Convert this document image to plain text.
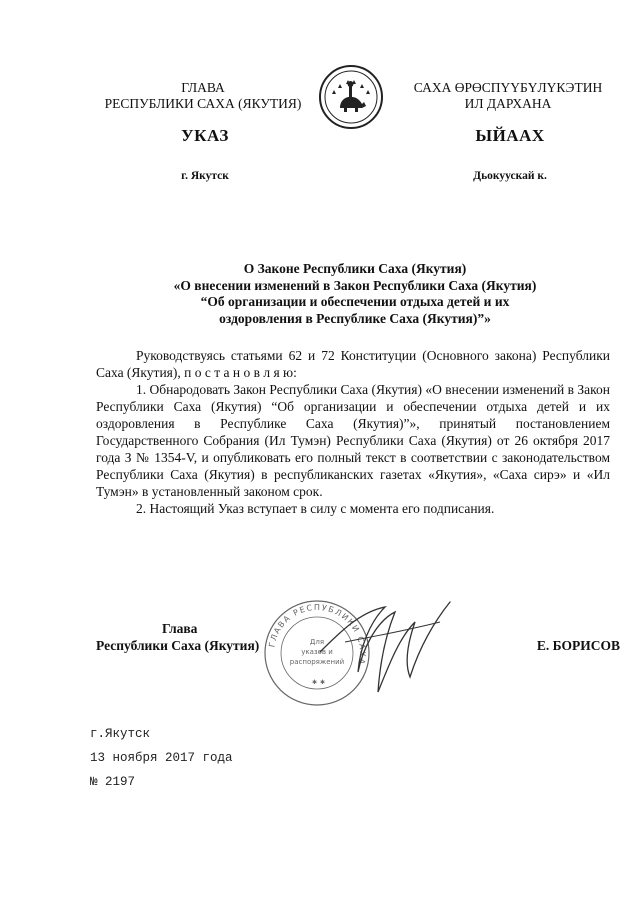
ГЛАВА
РЕСПУБЛИКИ САХА (ЯКУТИЯ)
САХА ӨРӨСПҮҮБҮЛҮКЭТИН
ИЛ ДАРХАНА
УКАЗ	ЫЙААХ
г. Якутск	Дьокуускай к.
О Законе Республики Саха (Якутия)
«О внесении изменений в Закон Республики Саха (Якутия)
“Об организации и обеспечении отдыха детей и их
оздоровления в Республике Саха (Якутия)”»

Руководствуясь статьями 62 и 72 Конституции (Основного закона) Республики Саха (Якутия), п о с т а н о в л я ю:

1. Обнародовать Закон Республики Саха (Якутия) «О внесении изменений в Закон Республики Саха (Якутия) “Об организации и обеспечении отдыха детей и их оздоровления в Республике Саха (Якутия)”», принятый постановлением Государственного Собрания (Ил Тумэн) Республики Саха (Якутия) от 26 октября 2017 года З № 1354-V, и опубликовать его полный текст в соответствии с законодательством Республики Саха (Якутия) в республиканских газетах «Якутия», «Саха сирэ» и «Ил Тумэн» в установленный законом срок.

2. Настоящий Указ вступает в силу с момента его подписания.

ГЛАВА РЕСПУБЛИКИ САХА
Для
указов и
распоряжений
✱ ✱
Глава
Республики Саха (Якутия)	Е. БОРИСОВ
г.Якутск
13 ноября 2017 года
№ 2197
